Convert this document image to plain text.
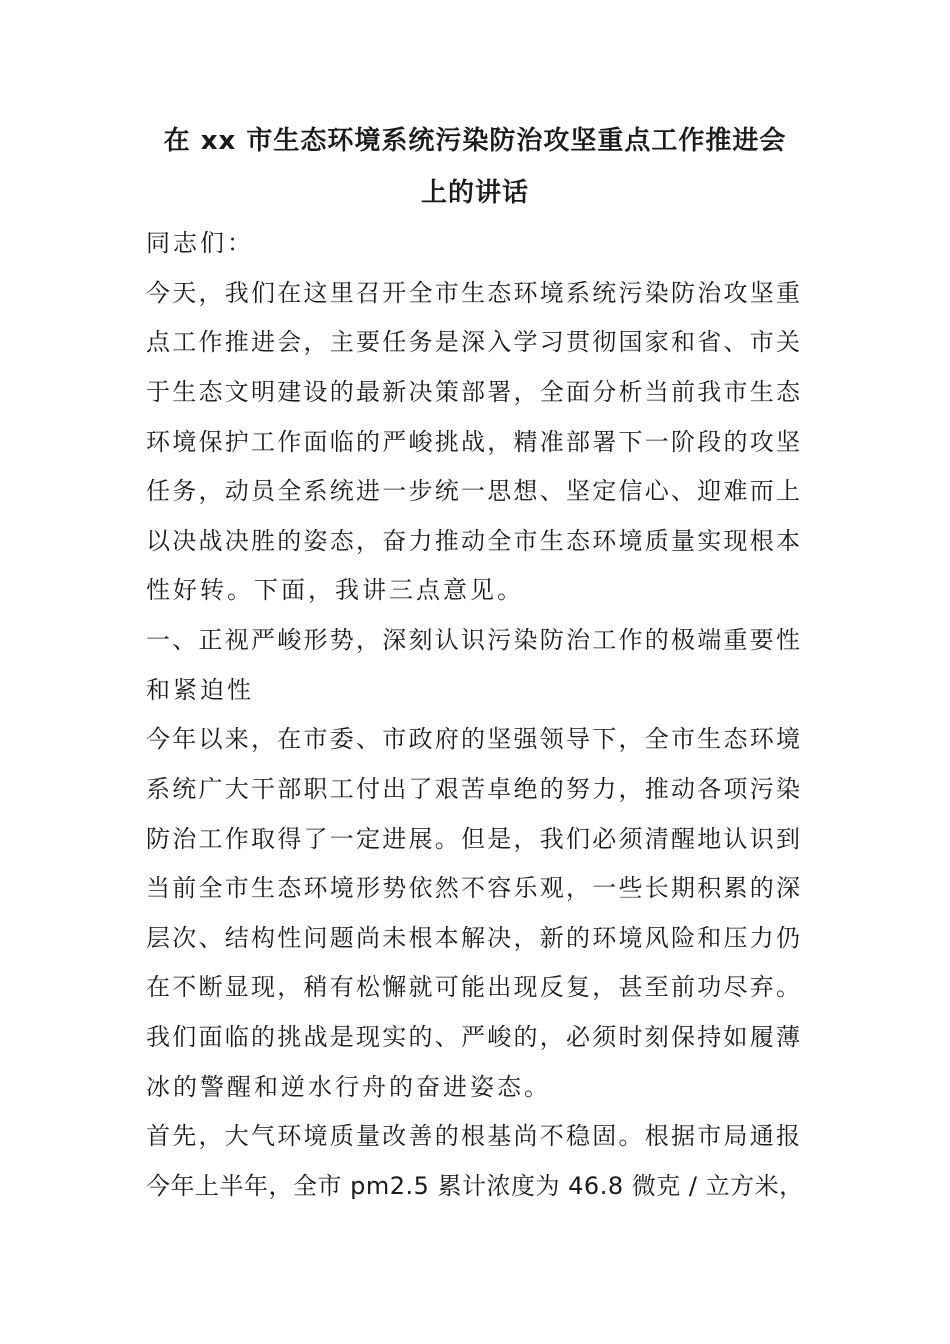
在 xx 市生态环境系统污染防治攻坚重点工作推进会
上的讲话
同志们：
今天，我们在这里召开全市生态环境系统污染防治攻坚重
点工作推进会，主要任务是深入学习贯彻国家和省、市关
于生态文明建设的最新决策部署，全面分析当前我市生态
环境保护工作面临的严峻挑战，精准部署下一阶段的攻坚
任务，动员全系统进一步统一思想、坚定信心、迎难而上
以决战决胜的姿态，奋力推动全市生态环境质量实现根本
性好转。下面，我讲三点意见。
一、正视严峻形势，深刻认识污染防治工作的极端重要性
和紧迫性
今年以来，在市委、市政府的坚强领导下，全市生态环境
系统广大干部职工付出了艰苦卓绝的努力，推动各项污染
防治工作取得了一定进展。但是，我们必须清醒地认识到
当前全市生态环境形势依然不容乐观，一些长期积累的深
层次、结构性问题尚未根本解决，新的环境风险和压力仍
在不断显现，稍有松懈就可能出现反复，甚至前功尽弃。
我们面临的挑战是现实的、严峻的，必须时刻保持如履薄
冰的警醒和逆水行舟的奋进姿态。
首先，大气环境质量改善的根基尚不稳固。根据市局通报
今年上半年，全市 pm2.5 累计浓度为 46.8 微克 / 立方米，
